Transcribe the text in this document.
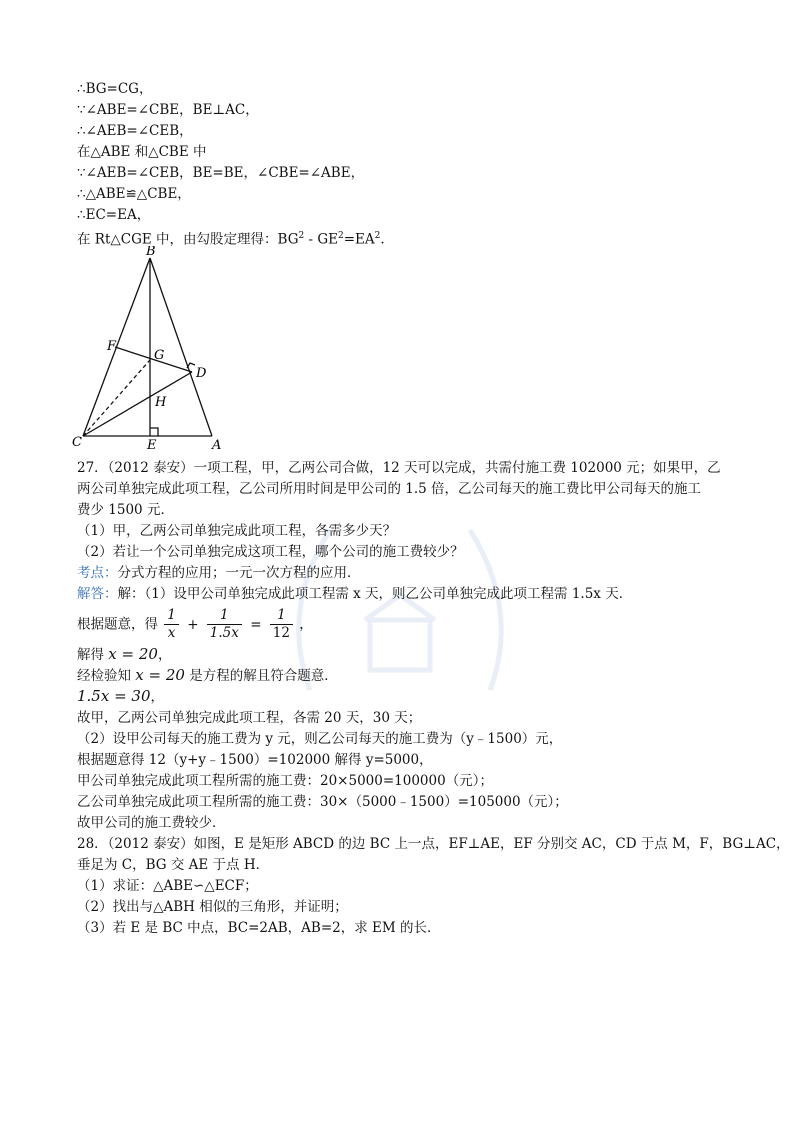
∴BG=CG，
∵∠ABE=∠CBE，BE⊥AC，
∴∠AEB=∠CEB，
在△ABE 和△CBE 中
∵∠AEB=∠CEB，BE=BE，∠CBE=∠ABE，
∴△ABE≌△CBE，
∴EC=EA，
在 Rt△CGE 中，由勾股定理得：$BG^2 - GE^2=EA^2$.
B
F
G
D
H
C	E	A
27．（2012 泰安）一项工程，甲，乙两公司合做，12 天可以完成，共需付施工费 102000 元；如果甲，乙
两公司单独完成此项工程，乙公司所用时间是甲公司的 1.5 倍，乙公司每天的施工费比甲公司每天的施工
费少 1500 元．
（1）甲，乙两公司单独完成此项工程，各需多少天？
（2）若让一个公司单独完成这项工程，哪个公司的施工费较少？
考点：分式方程的应用；一元一次方程的应用．
解答：解：（1）设甲公司单独完成此项工程需 x 天，则乙公司单独完成此项工程需 1.5x 天．
根据题意，得 $\frac{1}{x} + \frac{1}{1.5x} = \frac{1}{12}$ ，
解得 x = 20，
经检验知 x = 20 是方程的解且符合题意．
1.5x = 30，
故甲，乙两公司单独完成此项工程，各需 20 天，30 天；
（2）设甲公司每天的施工费为 y 元，则乙公司每天的施工费为（y﹣1500）元，
根据题意得 12（y+y﹣1500）=102000 解得 y=5000，
甲公司单独完成此项工程所需的施工费：20×5000=100000（元）；
乙公司单独完成此项工程所需的施工费：30×（5000﹣1500）=105000（元）；
故甲公司的施工费较少．
28．（2012 泰安）如图，E 是矩形 ABCD 的边 BC 上一点，EF⊥AE，EF 分别交 AC，CD 于点 M，F，BG⊥AC，
垂足为 C，BG 交 AE 于点 H．
（1）求证：△ABE∽△ECF；
（2）找出与△ABH 相似的三角形，并证明；
（3）若 E 是 BC 中点，BC=2AB，AB=2，求 EM 的长．
